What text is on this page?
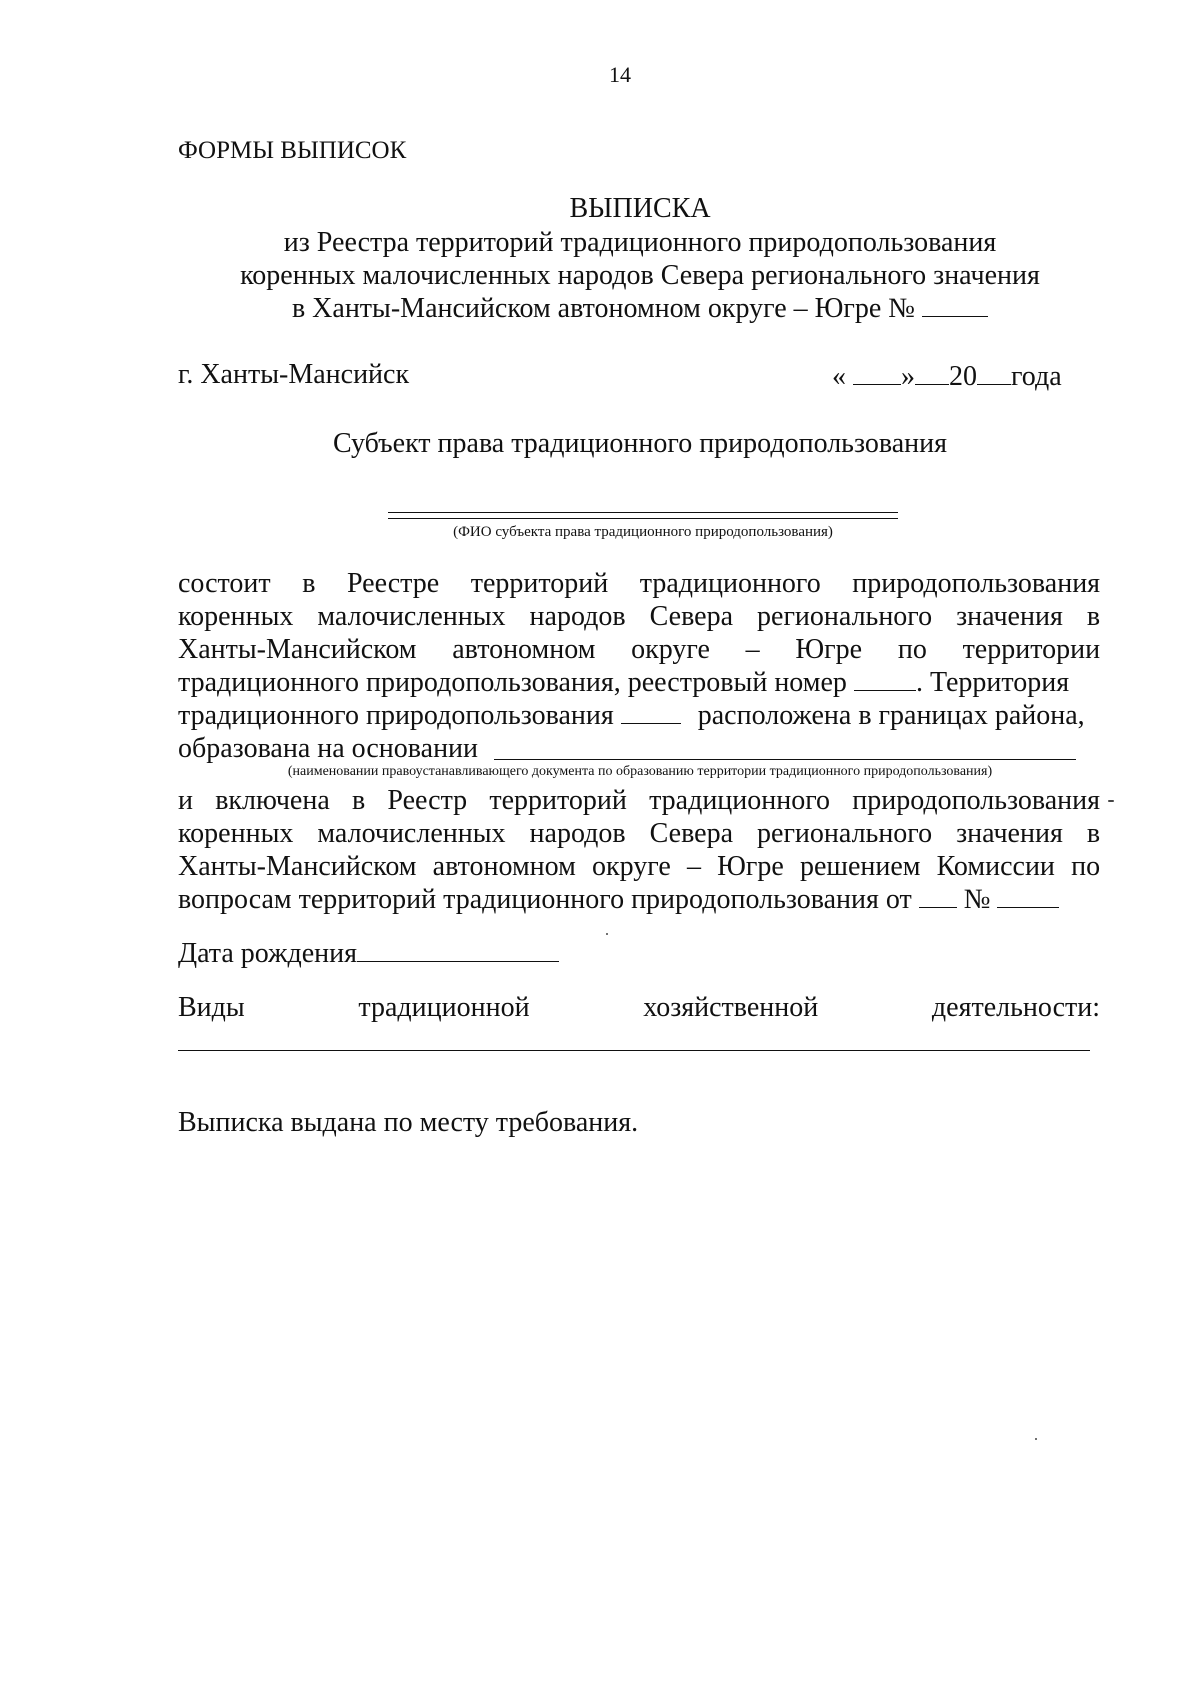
14
ФОРМЫ ВЫПИСОК
ВЫПИСКА
из Реестра территорий традиционного природопользования
коренных малочисленных народов Севера регионального значения
в Ханты-Мансийском автономном округе – Югре №
г. Ханты-Мансийск	« » 20 года
Субъект права традиционного природопользования
(ФИО субъекта права традиционного природопользования)
состоит в Реестре территорий традиционного природопользования
коренных малочисленных народов Севера регионального значения в
Ханты-Мансийском автономном округе – Югре по территории
традиционного природопользования, реестровый номер . Территория
традиционного природопользования	расположена в границах района,
образована на основании
(наименовании правоустанавливающего документа по образованию территории традиционного природопользования)
и включена в Реестр территорий традиционного природопользования
коренных малочисленных народов Севера регионального значения в
Ханты-Мансийском автономном округе – Югре решением Комиссии по
вопросам территорий традиционного природопользования от №
Дата рождения
Виды	традиционной	хозяйственной	деятельности:
Выписка выдана по месту требования.
